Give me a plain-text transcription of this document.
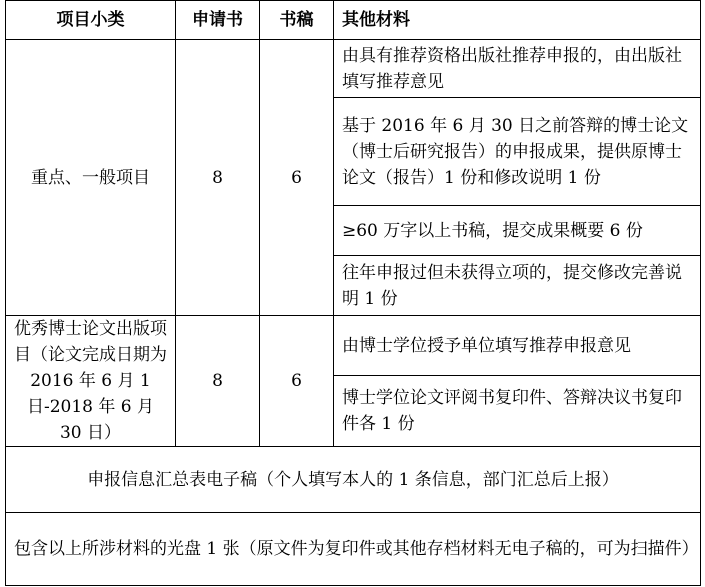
项目小类	申请书	书稿	其他材料
重点、一般项目	8	6	由具有推荐资格出版社推荐申报的，由出版社填写推荐意见
			基于 2016 年 6 月 30 日之前答辩的博士论文（博士后研究报告）的申报成果，提供原博士论文（报告）1 份和修改说明 1 份
			≥60 万字以上书稿，提交成果概要 6 份
			往年申报过但未获得立项的，提交修改完善说明 1 份
优秀博士论文出版项目（论文完成日期为 2016 年 6 月 1 日-2018 年 6 月 30 日）	8	6	由博士学位授予单位填写推荐申报意见
			博士学位论文评阅书复印件、答辩决议书复印件各 1 份
申报信息汇总表电子稿（个人填写本人的 1 条信息，部门汇总后上报）			
包含以上所涉材料的光盘 1 张（原文件为复印件或其他存档材料无电子稿的，可为扫描件）			
